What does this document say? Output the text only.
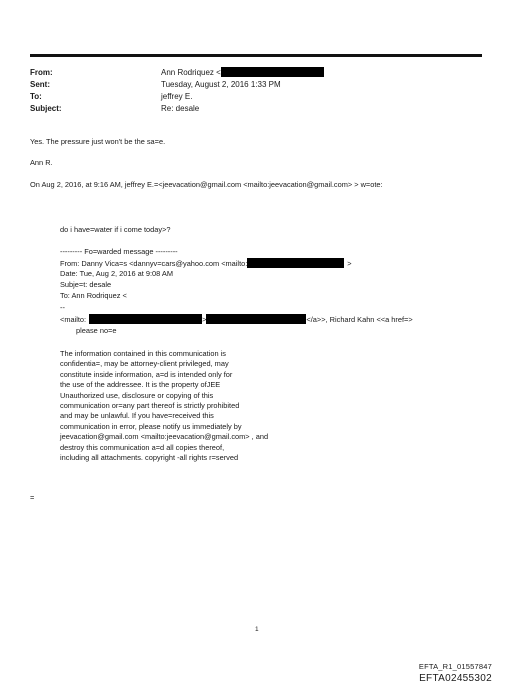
From:	Ann Rodriquez <
Sent:	Tuesday, August 2, 2016 1:33 PM
To:	jeffrey E.
Subject:	Re: desale
Yes. The pressure just won't be the sa=e.
Ann R.
On Aug 2, 2016, at 9:16 AM, jeffrey E.=<jeevacation@gmail.com <mailto:jeevacation@gmail.com> > w=ote:
do i have=water if i come today>?
--------- Fo=warded message ---------
From: Danny Vica=s <dannyv=cars@yahoo.com <mailto:	>
Date: Tue, Aug 2, 2016 at 9:08 AM
Subje=t: desale
To: Ann Rodriquez <
--
<mailto:	>	</a>>, Richard Kahn <<a href=>
please no=e
The information contained in this communication is
confidentia=, may be attorney-client privileged, may
constitute inside information, a=d is intended only for
the use of the addressee. It is the property ofJEE
Unauthorized use, disclosure or copying of this
communication or=any part thereof is strictly prohibited
and may be unlawful. If you have=received this
communication in error, please notify us immediately by
jeevacation@gmail.com <mailto:jeevacation@gmail.com> , and
destroy this communication a=d all copies thereof,
including all attachments. copyright -all rights r=served
=
1
EFTA_R1_01557847
EFTA02455302
